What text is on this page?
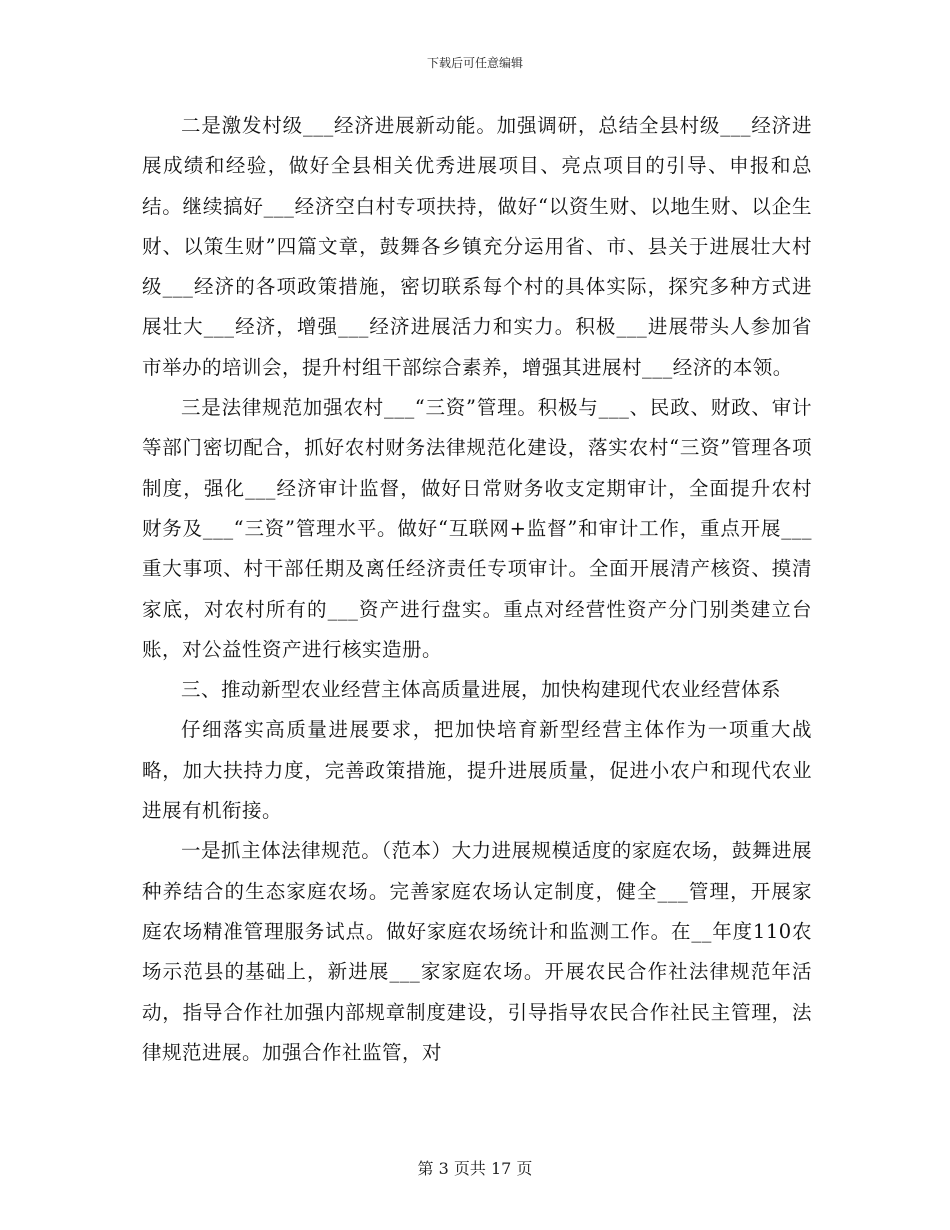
下载后可任意编辑

二是激发村级___经济进展新动能。加强调研，总结全县村级___经济进展成绩和经验，做好全县相关优秀进展项目、亮点项目的引导、申报和总结。继续搞好___经济空白村专项扶持，做好“以资生财、以地生财、以企生财、以策生财”四篇文章，鼓舞各乡镇充分运用省、市、县关于进展壮大村级___经济的各项政策措施，密切联系每个村的具体实际，探究多种方式进展壮大___经济，增强___经济进展活力和实力。积极___进展带头人参加省市举办的培训会，提升村组干部综合素养，增强其进展村___经济的本领。

三是法律规范加强农村___“三资”管理。积极与___、民政、财政、审计等部门密切配合，抓好农村财务法律规范化建设，落实农村“三资”管理各项制度，强化___经济审计监督，做好日常财务收支定期审计，全面提升农村财务及___“三资”管理水平。做好“互联网+监督”和审计工作，重点开展___重大事项、村干部任期及离任经济责任专项审计。全面开展清产核资、摸清家底，对农村所有的___资产进行盘实。重点对经营性资产分门别类建立台账，对公益性资产进行核实造册。

三、推动新型农业经营主体高质量进展，加快构建现代农业经营体系

仔细落实高质量进展要求，把加快培育新型经营主体作为一项重大战略，加大扶持力度，完善政策措施，提升进展质量，促进小农户和现代农业进展有机衔接。

一是抓主体法律规范。（范本）大力进展规模适度的家庭农场，鼓舞进展种养结合的生态家庭农场。完善家庭农场认定制度，健全___管理，开展家庭农场精准管理服务试点。做好家庭农场统计和监测工作。在__年度110农场示范县的基础上，新进展___家家庭农场。开展农民合作社法律规范年活动，指导合作社加强内部规章制度建设，引导指导农民合作社民主管理，法律规范进展。加强合作社监管，对

第 3 页共 17 页
